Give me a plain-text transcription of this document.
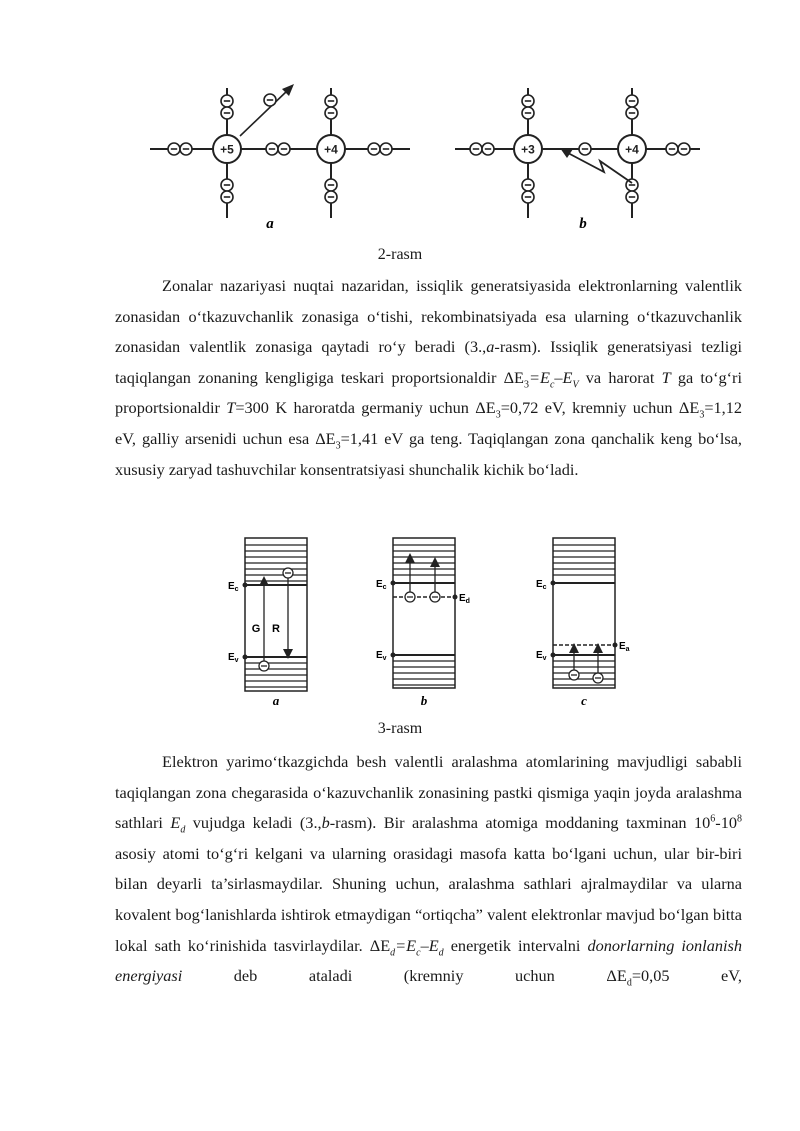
+5	+4
a
+3	+4
b
2-rasm

Zonalar nazariyasi nuqtai nazaridan, issiqlik generatsiyasida elektronlarning valentlik zonasidan o‘tkazuvchanlik zonasiga o‘tishi, rekombinatsiyada esa ularning o‘tkazuvchanlik zonasidan valentlik zonasiga qaytadi ro‘y beradi (3.,a-rasm). Issiqlik generatsiyasi tezligi taqiqlangan zonaning kengligiga teskari proportsionaldir $\Delta E_3=E_c-E_V$ va harorat T ga to‘g‘ri proportsionaldir T=300 K haroratda germaniy uchun $\Delta E_3=0,72$ eV, kremniy uchun $\Delta E_3=1,12$ eV, galliy arsenidi uchun esa $\Delta E_3=1,41$ eV ga teng. Taqiqlangan zona qanchalik keng bo‘lsa, xususiy zaryad tashuvchilar konsentratsiyasi shunchalik kichik bo‘ladi.

G R
$E_c$
$E_v$
a
$E_c$
$E_v$
$E_d$
b
$E_c$
$E_v$
$E_a$
c
3-rasm

Elektron yarimo‘tkazgichda besh valentli aralashma atomlarining mavjudligi sababli taqiqlangan zona chegarasida o‘kazuvchanlik zonasining pastki qismiga yaqin joyda aralashma sathlari $E_d$ vujudga keladi (3.,b-rasm). Bir aralashma atomiga moddaning taxminan $10^6-10^8$ asosiy atomi to‘g‘ri kelgani va ularning orasidagi masofa katta bo‘lgani uchun, ular bir-biri bilan deyarli ta’sirlasmaydilar. Shuning uchun, aralashma sathlari ajralmaydilar va ularna kovalent bog‘lanishlarda ishtirok etmaydigan “ortiqcha” valent elektronlar mavjud bo‘lgan bitta lokal sath ko‘rinishida tasvirlaydilar. $\Delta E_d=E_c-E_d$ energetik intervalni donorlarning ionlanish energiyasi deb ataladi (kremniy uchun $\Delta E_d=0,05$ eV,
